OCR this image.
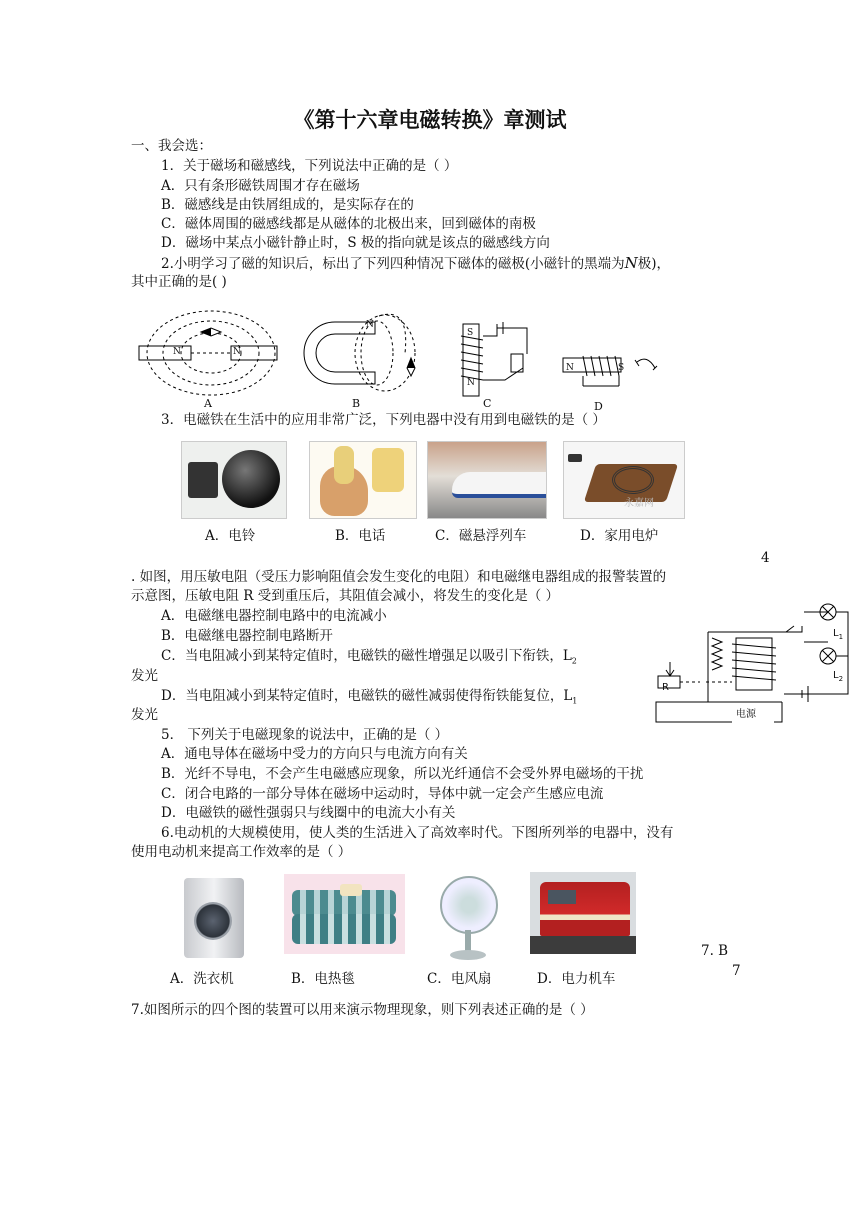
《第十六章电磁转换》章测试
一、我会选：
1．关于磁场和磁感线，下列说法中正确的是（ ）
A．只有条形磁铁周围才存在磁场
B．磁感线是由铁屑组成的，是实际存在的
C．磁体周围的磁感线都是从磁体的北极出来，回到磁体的南极
D．磁场中某点小磁针静止时，S 极的指向就是该点的磁感线方向
2.小明学习了磁的知识后，标出了下列四种情况下磁体的磁极(小磁针的黑端为N极)，
其中正确的是( )
N	N
N
S
N
N	S
A	B	C	D
3．电磁铁在生活中的应用非常广泛，下列电器中没有用到电磁铁的是（ ）
永嘉网
A．电铃	B．电话	C．磁悬浮列车	D．家用电炉
4
. 如图，用压敏电阻（受压力影响阻值会发生变化的电阻）和电磁继电器组成的报警装置的
示意图，压敏电阻 R 受到重压后，其阻值会减小，将发生的变化是（ ）
A．电磁继电器控制电路中的电流减小
B．电磁继电器控制电路断开
C．当电阻减小到某特定值时，电磁铁的磁性增强足以吸引下衔铁，$L_2$
发光
D．当电阻减小到某特定值时，电磁铁的磁性减弱使得衔铁能复位，$L_1$
发光
R
$L_1$
$L_2$
电源
5． 下列关于电磁现象的说法中，正确的是（ ）
A．通电导体在磁场中受力的方向只与电流方向有关
B．光纤不导电，不会产生电磁感应现象，所以光纤通信不会受外界电磁场的干扰
C．闭合电路的一部分导体在磁场中运动时，导体中就一定会产生感应电流
D．电磁铁的磁性强弱只与线圈中的电流大小有关
6.电动机的大规模使用，使人类的生活进入了高效率时代。下图所列举的电器中，没有
使用电动机来提高工作效率的是（ ）
7. B
7
A．洗衣机	B．电热毯	C．电风扇	D．电力机车
7.如图所示的四个图的装置可以用来演示物理现象，则下列表述正确的是（ ）
